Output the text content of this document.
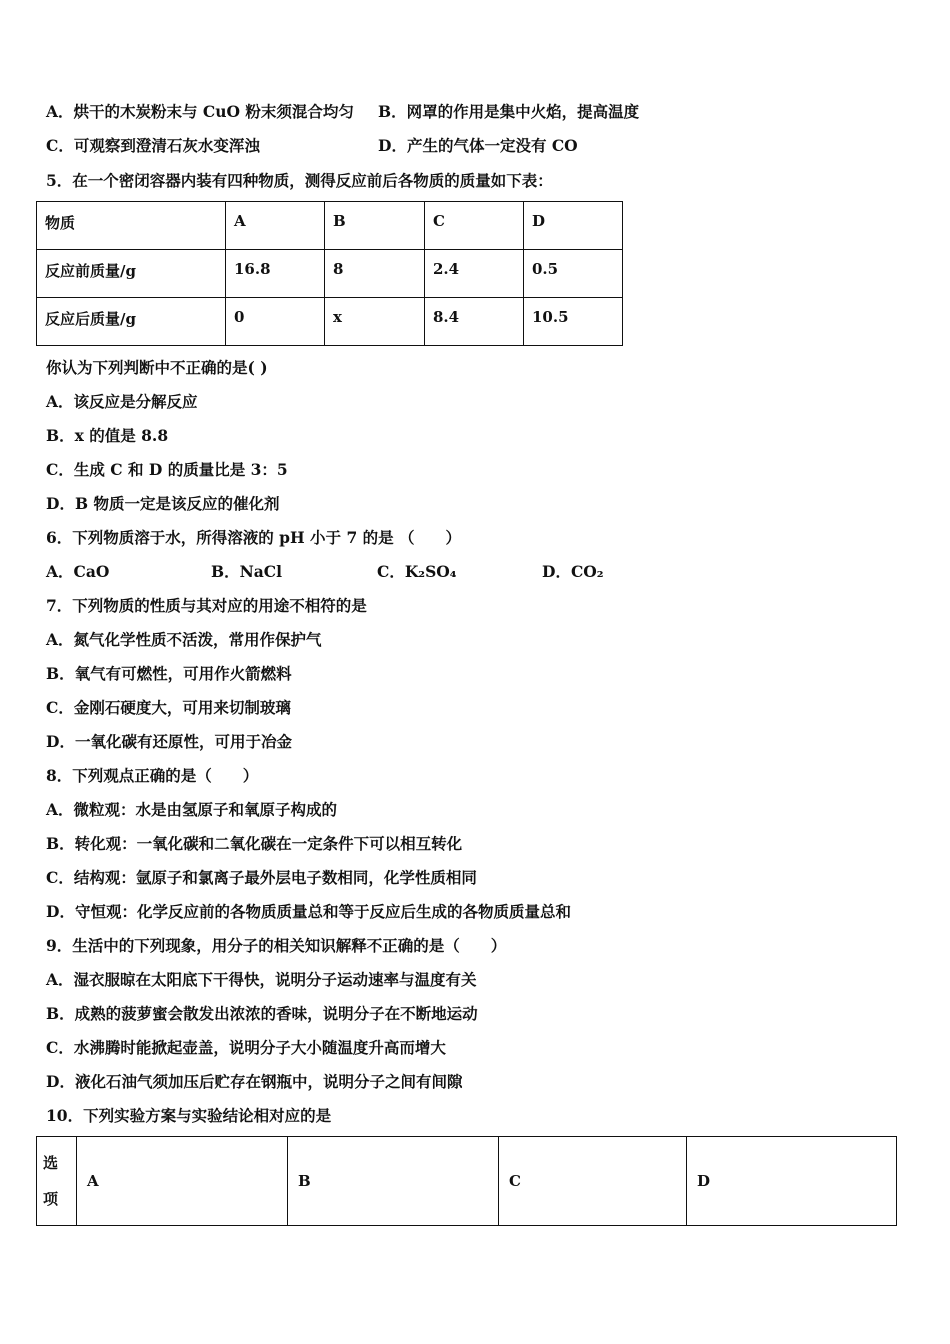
A．烘干的木炭粉末与 CuO 粉末须混合均匀 B．网罩的作用是集中火焰，提高温度
C．可观察到澄清石灰水变浑浊	D．产生的气体一定没有 CO
5．在一个密闭容器内装有四种物质，测得反应前后各物质的质量如下表：
物质	A	B	C	D
反应前质量/g	16.8	8	2.4	0.5
反应后质量/g	0	x	8.4	10.5
你认为下列判断中不正确的是( )
A．该反应是分解反应
B．x 的值是 8.8
C．生成 C 和 D 的质量比是 3：5
D．B 物质一定是该反应的催化剂
6．下列物质溶于水，所得溶液的 pH 小于 7 的是 （　　）
A．CaO	B．NaCl	C．K₂SO₄	D．CO₂
7．下列物质的性质与其对应的用途不相符的是
A．氮气化学性质不活泼，常用作保护气
B．氧气有可燃性，可用作火箭燃料
C．金刚石硬度大，可用来切制玻璃
D．一氧化碳有还原性，可用于冶金
8．下列观点正确的是（　　）
A．微粒观：水是由氢原子和氧原子构成的
B．转化观：一氧化碳和二氧化碳在一定条件下可以相互转化
C．结构观：氩原子和氯离子最外层电子数相同，化学性质相同
D．守恒观：化学反应前的各物质质量总和等于反应后生成的各物质质量总和
9．生活中的下列现象，用分子的相关知识解释不正确的是（　　）
A．湿衣服晾在太阳底下干得快，说明分子运动速率与温度有关
B．成熟的菠萝蜜会散发出浓浓的香味，说明分子在不断地运动
C．水沸腾时能掀起壶盖，说明分子大小随温度升高而增大
D．液化石油气须加压后贮存在钢瓶中，说明分子之间有间隙
10．下列实验方案与实验结论相对应的是
选
项
	A	B	C	D
